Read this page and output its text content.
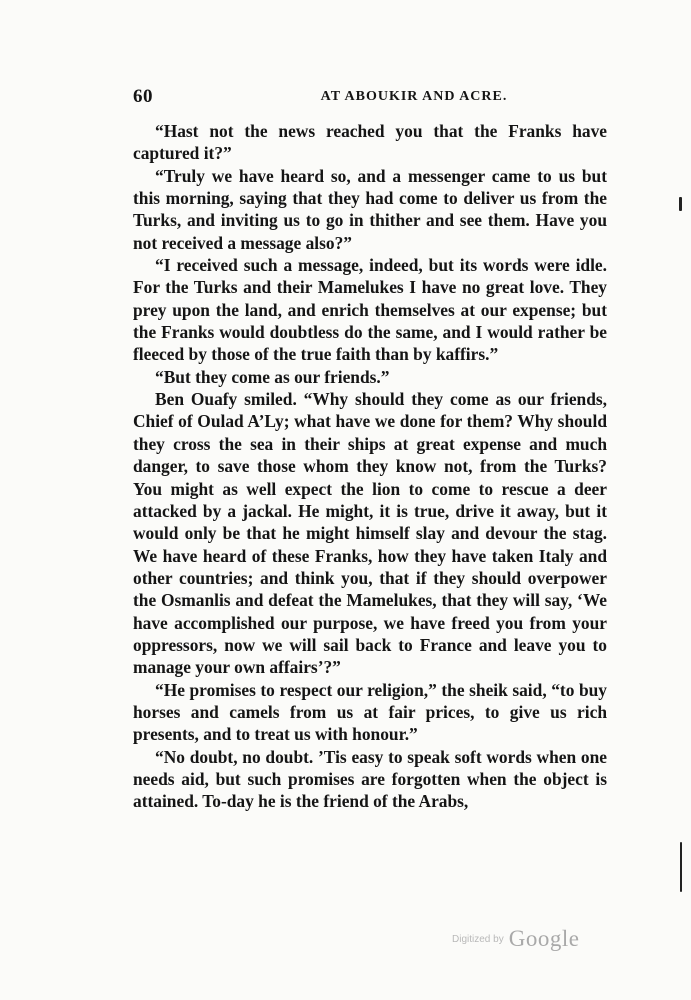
60	AT ABOUKIR AND ACRE.

“Hast not the news reached you that the Franks have captured it?”

“Truly we have heard so, and a messenger came to us but this morning, saying that they had come to deliver us from the Turks, and inviting us to go in thither and see them. Have you not received a message also?”

“I received such a message, indeed, but its words were idle. For the Turks and their Mamelukes I have no great love. They prey upon the land, and enrich themselves at our expense; but the Franks would doubtless do the same, and I would rather be fleeced by those of the true faith than by kaffirs.”

“But they come as our friends.”

Ben Ouafy smiled. “Why should they come as our friends, Chief of Oulad A’Ly; what have we done for them? Why should they cross the sea in their ships at great expense and much danger, to save those whom they know not, from the Turks? You might as well expect the lion to come to rescue a deer attacked by a jackal. He might, it is true, drive it away, but it would only be that he might himself slay and devour the stag. We have heard of these Franks, how they have taken Italy and other countries; and think you, that if they should overpower the Osmanlis and defeat the Mamelukes, that they will say, ‘We have accomplished our purpose, we have freed you from your oppressors, now we will sail back to France and leave you to manage your own affairs’?”

“He promises to respect our religion,” the sheik said, “to buy horses and camels from us at fair prices, to give us rich presents, and to treat us with honour.”

“No doubt, no doubt. ’Tis easy to speak soft words when one needs aid, but such promises are forgotten when the object is attained. To-day he is the friend of the Arabs,

$^{Digitized by}$ Google
